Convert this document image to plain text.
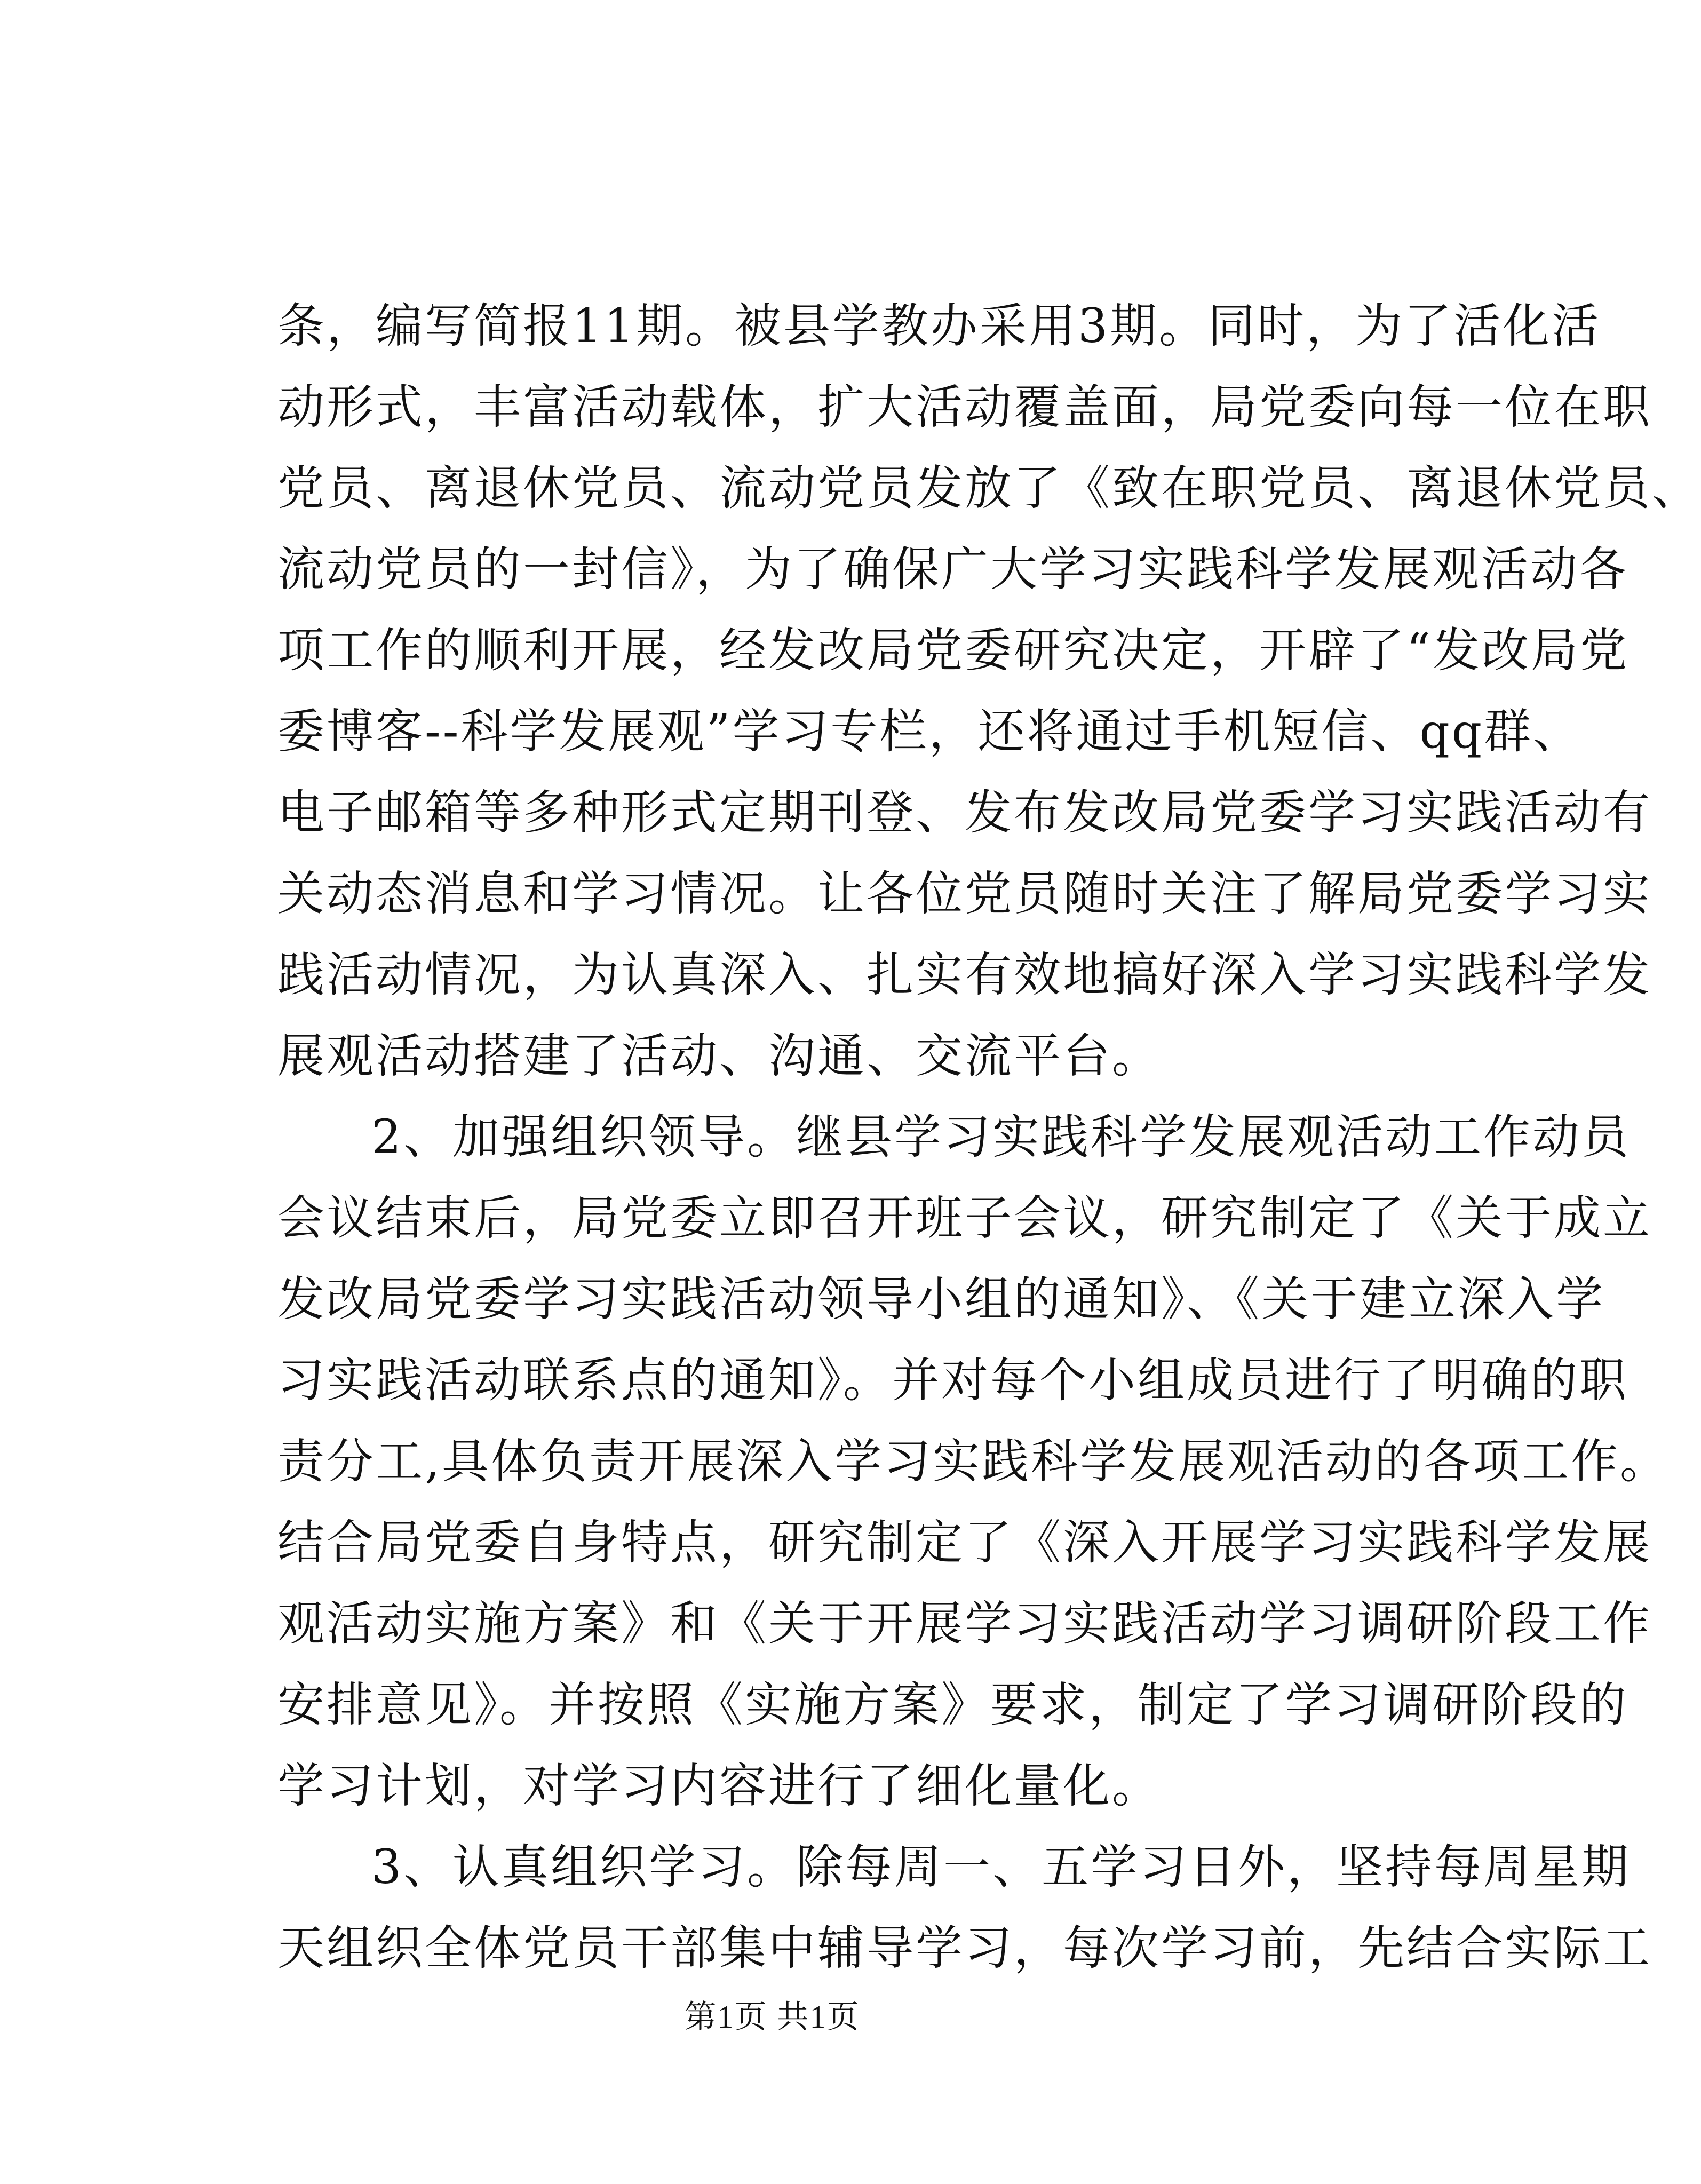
条，编写简报11期。被县学教办采用3期。同时，为了活化活
动形式，丰富活动载体，扩大活动覆盖面，局党委向每一位在职
党员、离退休党员、流动党员发放了《致在职党员、离退休党员、
流动党员的一封信》，为了确保广大学习实践科学发展观活动各
项工作的顺利开展，经发改局党委研究决定，开辟了“发改局党
委博客--科学发展观”学习专栏，还将通过手机短信、qq群、
电子邮箱等多种形式定期刊登、发布发改局党委学习实践活动有
关动态消息和学习情况。让各位党员随时关注了解局党委学习实
践活动情况，为认真深入、扎实有效地搞好深入学习实践科学发
展观活动搭建了活动、沟通、交流平台。
2、加强组织领导。继县学习实践科学发展观活动工作动员
会议结束后，局党委立即召开班子会议，研究制定了《关于成立
发改局党委学习实践活动领导小组的通知》、《关于建立深入学
习实践活动联系点的通知》。并对每个小组成员进行了明确的职
责分工,具体负责开展深入学习实践科学发展观活动的各项工作。
结合局党委自身特点，研究制定了《深入开展学习实践科学发展
观活动实施方案》和《关于开展学习实践活动学习调研阶段工作
安排意见》。并按照《实施方案》要求，制定了学习调研阶段的
学习计划，对学习内容进行了细化量化。
3、认真组织学习。除每周一、五学习日外，坚持每周星期
天组织全体党员干部集中辅导学习，每次学习前，先结合实际工
第1页 共1页
